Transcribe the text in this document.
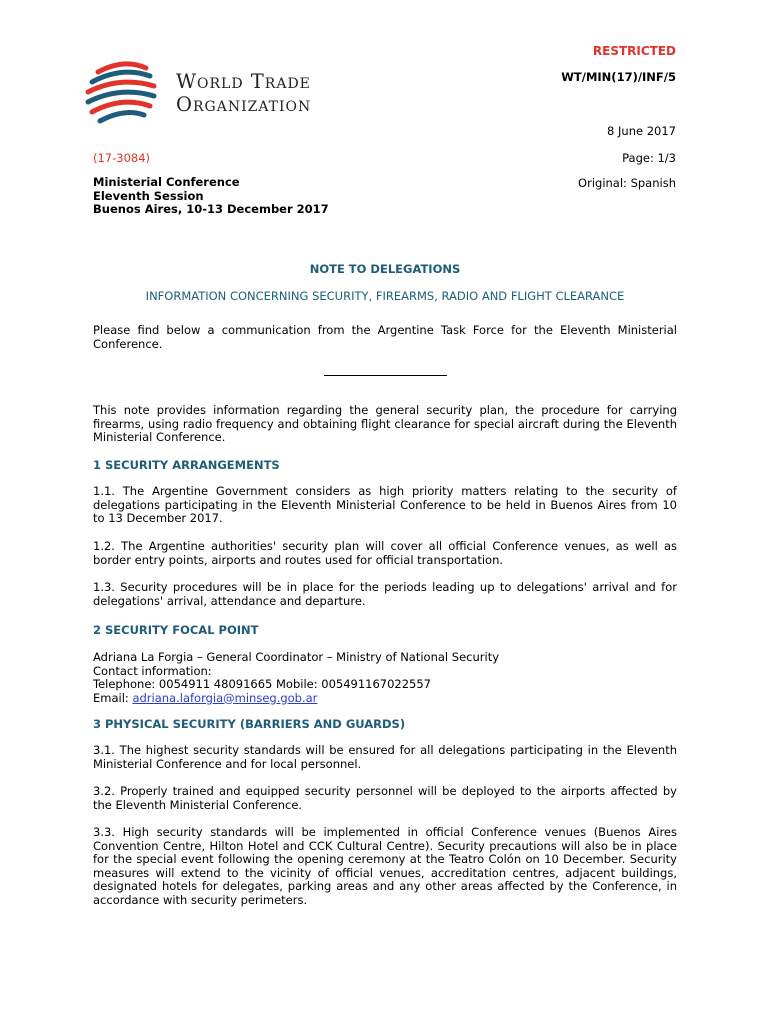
World Trade
Organization
RESTRICTED
WT/MIN(17)/INF/5
8 June 2017
(17-3084)	Page: 1/3
Ministerial Conference
Eleventh Session
Buenos Aires, 10-13 December 2017
Original: Spanish
NOTE TO DELEGATIONS
INFORMATION CONCERNING SECURITY, FIREARMS, RADIO AND FLIGHT CLEARANCE
Please find below a communication from the Argentine Task Force for the Eleventh Ministerial Conference.
This note provides information regarding the general security plan, the procedure for carrying firearms, using radio frequency and obtaining flight clearance for special aircraft during the Eleventh Ministerial Conference.
1 SECURITY ARRANGEMENTS
1.1. The Argentine Government considers as high priority matters relating to the security of delegations participating in the Eleventh Ministerial Conference to be held in Buenos Aires from 10 to 13 December 2017.
1.2. The Argentine authorities' security plan will cover all official Conference venues, as well as border entry points, airports and routes used for official transportation.
1.3. Security procedures will be in place for the periods leading up to delegations' arrival and for delegations' arrival, attendance and departure.
2 SECURITY FOCAL POINT
Adriana La Forgia – General Coordinator – Ministry of National Security
Contact information:
Telephone: 0054911 48091665 Mobile: 005491167022557
Email: adriana.laforgia@minseg.gob.ar
3 PHYSICAL SECURITY (BARRIERS AND GUARDS)
3.1. The highest security standards will be ensured for all delegations participating in the Eleventh Ministerial Conference and for local personnel.
3.2. Properly trained and equipped security personnel will be deployed to the airports affected by the Eleventh Ministerial Conference.
3.3. High security standards will be implemented in official Conference venues (Buenos Aires Convention Centre, Hilton Hotel and CCK Cultural Centre). Security precautions will also be in place for the special event following the opening ceremony at the Teatro Colón on 10 December. Security measures will extend to the vicinity of official venues, accreditation centres, adjacent buildings, designated hotels for delegates, parking areas and any other areas affected by the Conference, in accordance with security perimeters.
